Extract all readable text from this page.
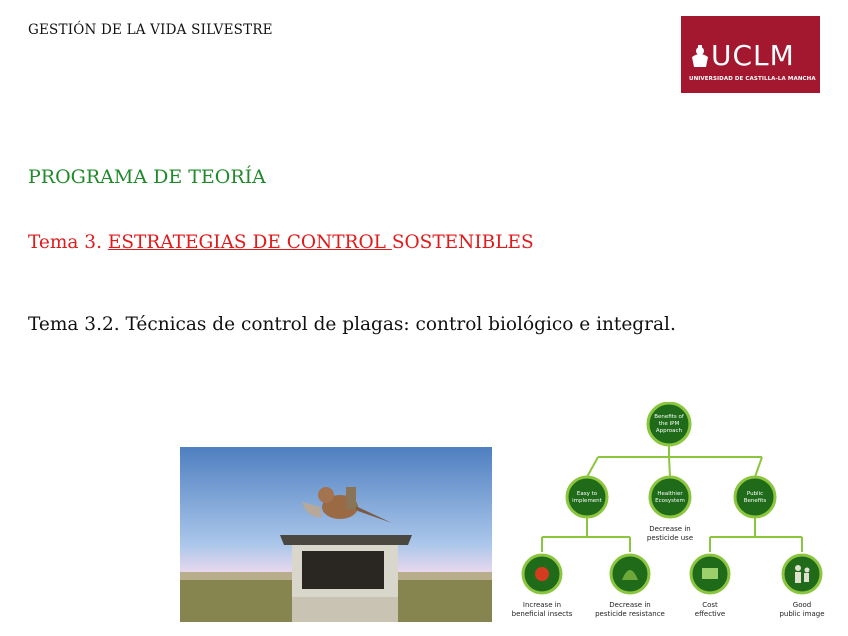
GESTIÓN DE LA VIDA SILVESTRE
UCLM
UNIVERSIDAD DE CASTILLA-LA MANCHA
PROGRAMA DE TEORÍA
Tema 3. ESTRATEGIAS DE CONTROL SOSTENIBLES
Tema 3.2. Técnicas de control de plagas: control biológico e integral.
Benefits of
the IPM
Approach
Easy to
implement
Healthier
Ecosystem
Public
Benefits
Decrease in
pesticide use
Increase in
beneficial insects
Decrease in
pesticide resistance
Cost
effective
Good
public image
